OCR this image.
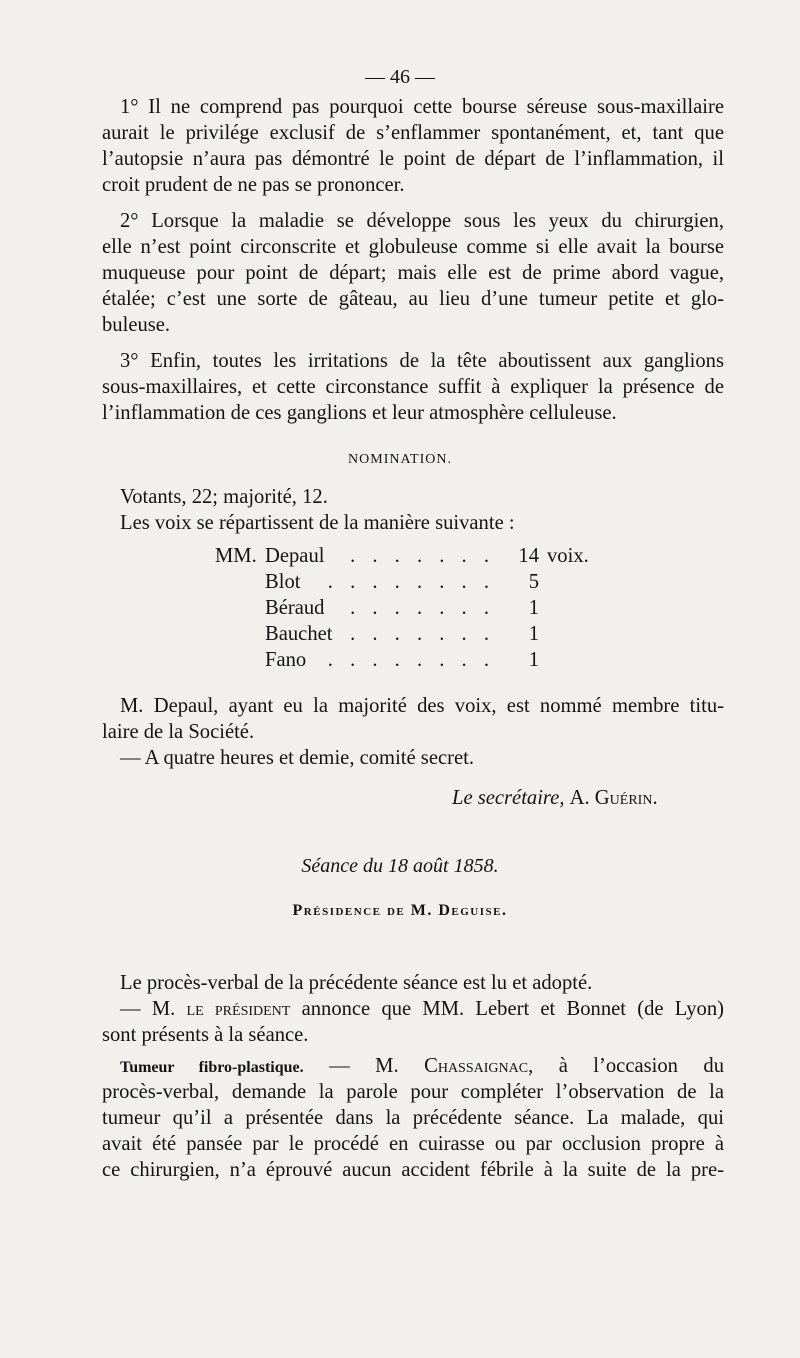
— 46 —
1° Il ne comprend pas pourquoi cette bourse séreuse sous-maxillaire
aurait le privilége exclusif de s’enflammer spontanément, et, tant que
l’autopsie n’aura pas démontré le point de départ de l’inflammation, il
croit prudent de ne pas se prononcer.
2° Lorsque la maladie se développe sous les yeux du chirurgien,
elle n’est point circonscrite et globuleuse comme si elle avait la bourse
muqueuse pour point de départ; mais elle est de prime abord vague,
étalée; c’est une sorte de gâteau, au lieu d’une tumeur petite et glo-
buleuse.
3° Enfin, toutes les irritations de la tête aboutissent aux ganglions
sous-maxillaires, et cette circonstance suffit à expliquer la présence de
l’inflammation de ces ganglions et leur atmosphère celluleuse.
NOMINATION.
Votants, 22; majorité, 12.
Les voix se répartissent de la manière suivante :
MM. Depaul	. . . . . . . 14 voix.
Blot	. . . . . . . .	5
Béraud	. . . . . . .	1
Bauchet . . . . . . .	1
Fano	. . . . . . . .	1
M. Depaul, ayant eu la majorité des voix, est nommé membre titu-
laire de la Société.
— A quatre heures et demie, comité secret.
Le secrétaire, A. Guérin.
Séance du 18 août 1858.
Présidence de M. Deguise.
Le procès-verbal de la précédente séance est lu et adopté.
— M. le président annonce que MM. Lebert et Bonnet (de Lyon)
sont présents à la séance.
Tumeur fibro-plastique. — M. Chassaignac, à l’occasion du
procès-verbal, demande la parole pour compléter l’observation de la
tumeur qu’il a présentée dans la précédente séance. La malade, qui
avait été pansée par le procédé en cuirasse ou par occlusion propre à
ce chirurgien, n’a éprouvé aucun accident fébrile à la suite de la pre-
